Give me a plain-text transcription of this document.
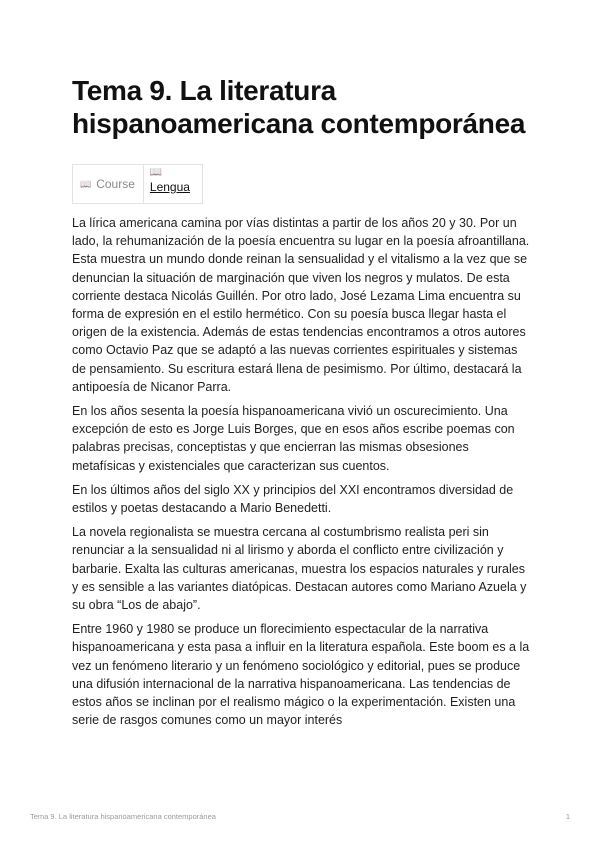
Tema 9. La literatura hispanoamericana contemporánea
📖 Course
📖
Lengua

La lírica americana camina por vías distintas a partir de los años 20 y 30. Por un lado, la rehumanización de la poesía encuentra su lugar en la poesía afroantillana. Esta muestra un mundo donde reinan la sensualidad y el vitalismo a la vez que se denuncian la situación de marginación que viven los negros y mulatos. De esta corriente destaca Nicolás Guillén. Por otro lado, José Lezama Lima encuentra su forma de expresión en el estilo hermético. Con su poesía busca llegar hasta el origen de la existencia. Además de estas tendencias encontramos a otros autores como Octavio Paz que se adaptó a las nuevas corrientes espirituales y sistemas de pensamiento. Su escritura estará llena de pesimismo. Por último, destacará la antipoesía de Nicanor Parra.

En los años sesenta la poesía hispanoamericana vivió un oscurecimiento. Una excepción de esto es Jorge Luis Borges, que en esos años escribe poemas con palabras precisas, conceptistas y que encierran las mismas obsesiones metafísicas y existenciales que caracterizan sus cuentos.

En los últimos años del siglo XX y principios del XXI encontramos diversidad de estilos y poetas destacando a Mario Benedetti.

La novela regionalista se muestra cercana al costumbrismo realista peri sin renunciar a la sensualidad ni al lirismo y aborda el conflicto entre civilización y barbarie. Exalta las culturas americanas, muestra los espacios naturales y rurales y es sensible a las variantes diatópicas. Destacan autores como Mariano Azuela y su obra “Los de abajo”.

Entre 1960 y 1980 se produce un florecimiento espectacular de la narrativa hispanoamericana y esta pasa a influir en la literatura española. Este boom es a la vez un fenómeno literario y un fenómeno sociológico y editorial, pues se produce una difusión internacional de la narrativa hispanoamericana. Las tendencias de estos años se inclinan por el realismo mágico o la experimentación. Existen una serie de rasgos comunes como un mayor interés

Tema 9. La literatura hispanoamericana contemporánea	1
